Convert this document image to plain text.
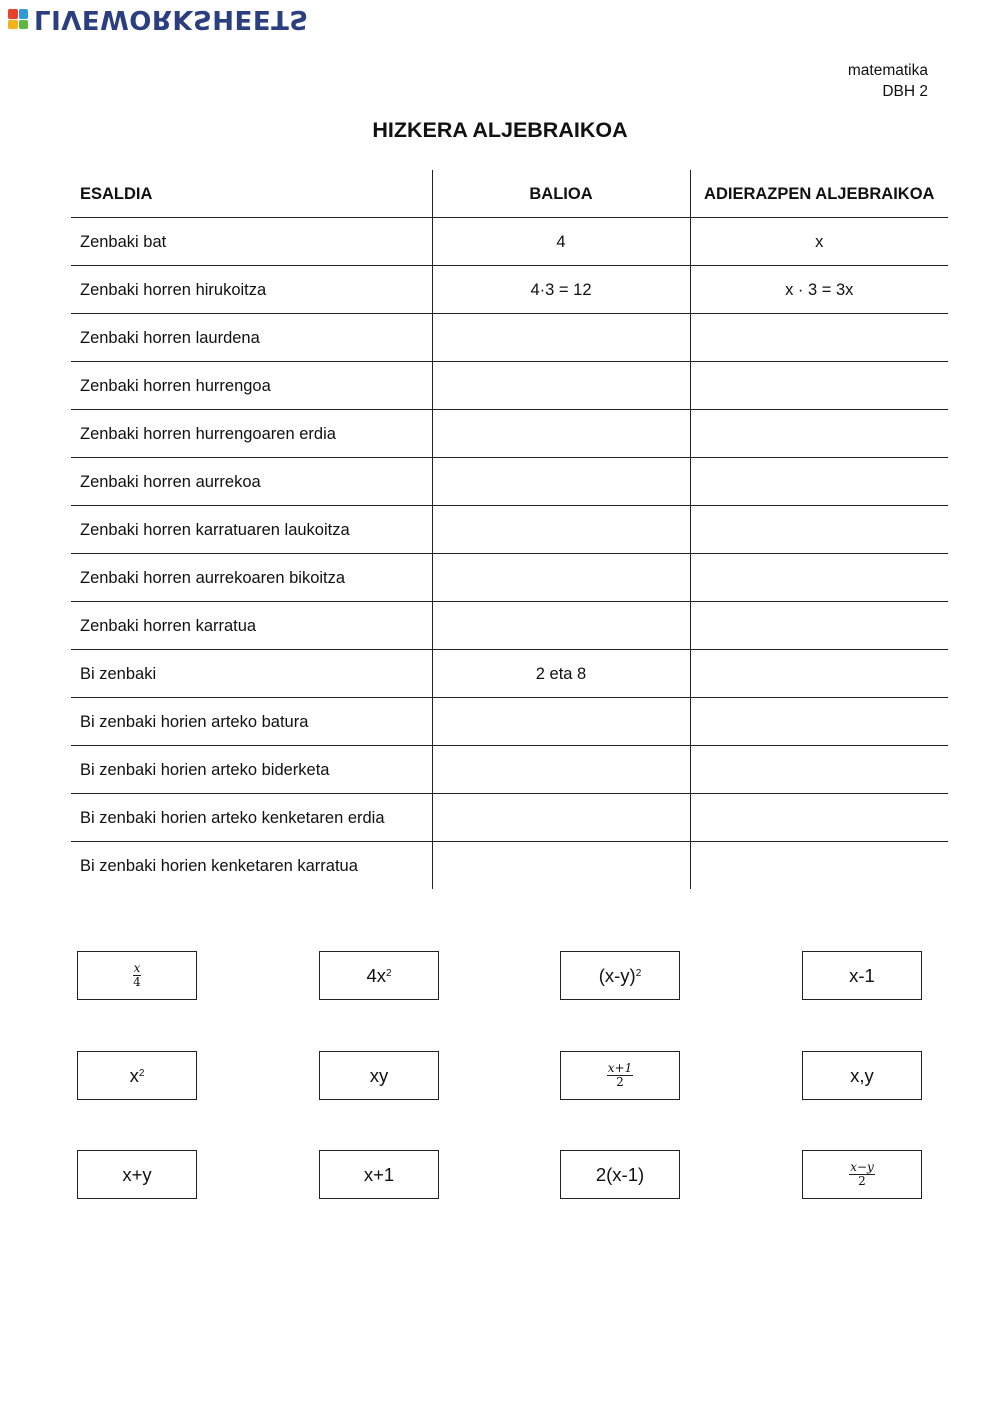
LIVEWORKSHEETS
matematika
DBH 2
HIZKERA ALJEBRAIKOA
ESALDIA	BALIOA	ADIERAZPEN ALJEBRAIKOA
Zenbaki bat	4	x
Zenbaki horren hirukoitza	4·3 = 12	x · 3 = 3x
Zenbaki horren laurdena		
Zenbaki horren hurrengoa		
Zenbaki horren hurrengoaren erdia		
Zenbaki horren aurrekoa		
Zenbaki horren karratuaren laukoitza		
Zenbaki horren aurrekoaren bikoitza		
Zenbaki horren karratua		
Bi zenbaki	2 eta 8	
Bi zenbaki horien arteko batura		
Bi zenbaki horien arteko biderketa		
Bi zenbaki horien arteko kenketaren erdia		
Bi zenbaki horien kenketaren karratua		
$\frac{x}{4}$	$4x^2$	$(x-y)^2$	x-1
$x^2$	xy	$\frac{x+1}{2}$	x,y
x+y	x+1	2(x-1)	$\frac{x-y}{2}$
